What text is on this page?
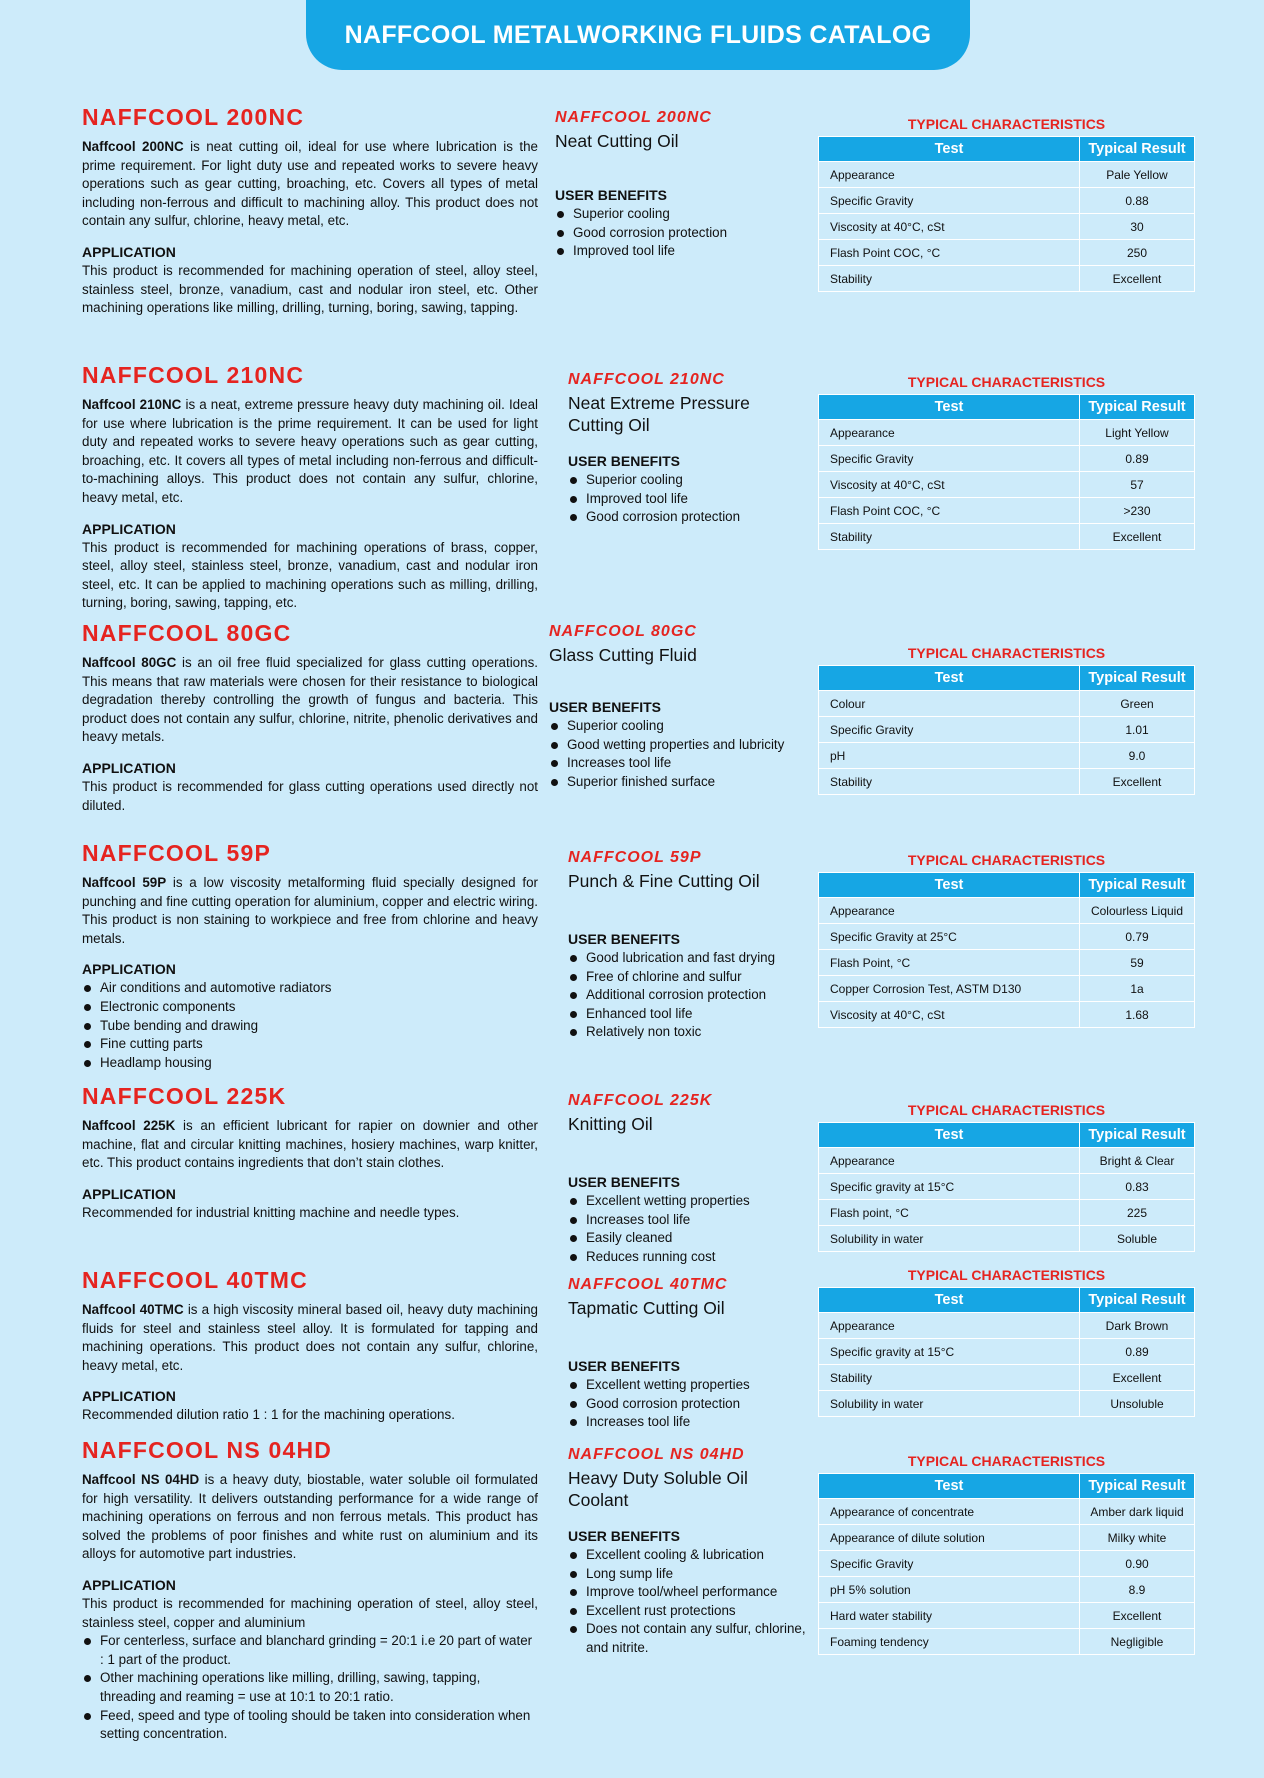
NAFFCOOL METALWORKING FLUIDS CATALOG
NAFFCOOL 200NC

Naffcool 200NC is neat cutting oil, ideal for use where lubrication is the prime requirement. For light duty use and repeated works to severe heavy operations such as gear cutting, broaching, etc. Covers all types of metal including non-ferrous and difficult to machining alloy. This product does not contain any sulfur, chlorine, heavy metal, etc.

APPLICATION

This product is recommended for machining operation of steel, alloy steel, stainless steel, bronze, vanadium, cast and nodular iron steel, etc. Other machining operations like milling, drilling, turning, boring, sawing, tapping.

NAFFCOOL 200NC

Neat Cutting Oil

USER BENEFITS
Superior cooling
Good corrosion protection
Improved tool life
TYPICAL CHARACTERISTICS
Test	Typical Result
Appearance	Pale Yellow
Specific Gravity	0.88
Viscosity at 40°C, cSt	30
Flash Point COC, °C	250
Stability	Excellent
NAFFCOOL 210NC

Naffcool 210NC is a neat, extreme pressure heavy duty machining oil. Ideal for use where lubrication is the prime requirement. It can be used for light duty and repeated works to severe heavy operations such as gear cutting, broaching, etc. It covers all types of metal including non-ferrous and difficult-to-machining alloys. This product does not contain any sulfur, chlorine, heavy metal, etc.

APPLICATION

This product is recommended for machining operations of brass, copper, steel, alloy steel, stainless steel, bronze, vanadium, cast and nodular iron steel, etc. It can be applied to machining operations such as milling, drilling, turning, boring, sawing, tapping, etc.

NAFFCOOL 210NC

Neat Extreme Pressure Cutting Oil

USER BENEFITS
Superior cooling
Improved tool life
Good corrosion protection
TYPICAL CHARACTERISTICS
Test	Typical Result
Appearance	Light Yellow
Specific Gravity	0.89
Viscosity at 40°C, cSt	57
Flash Point COC, °C	>230
Stability	Excellent
NAFFCOOL 80GC

Naffcool 80GC is an oil free fluid specialized for glass cutting operations. This means that raw materials were chosen for their resistance to biological degradation thereby controlling the growth of fungus and bacteria. This product does not contain any sulfur, chlorine, nitrite, phenolic derivatives and heavy metals.

APPLICATION

This product is recommended for glass cutting operations used directly not diluted.

NAFFCOOL 80GC

Glass Cutting Fluid

USER BENEFITS
Superior cooling
Good wetting properties and lubricity
Increases tool life
Superior finished surface
TYPICAL CHARACTERISTICS
Test	Typical Result
Colour	Green
Specific Gravity	1.01
pH	9.0
Stability	Excellent
NAFFCOOL 59P

Naffcool 59P is a low viscosity metalforming fluid specially designed for punching and fine cutting operation for aluminium, copper and electric wiring. This product is non staining to workpiece and free from chlorine and heavy metals.

APPLICATION
Air conditions and automotive radiators
Electronic components
Tube bending and drawing
Fine cutting parts
Headlamp housing

NAFFCOOL 59P

Punch & Fine Cutting Oil

USER BENEFITS
Good lubrication and fast drying
Free of chlorine and sulfur
Additional corrosion protection
Enhanced tool life
Relatively non toxic
TYPICAL CHARACTERISTICS
Test	Typical Result
Appearance	Colourless Liquid
Specific Gravity at 25°C	0.79
Flash Point, °C	59
Copper Corrosion Test, ASTM D130	1a
Viscosity at 40°C, cSt	1.68
NAFFCOOL 225K

Naffcool 225K is an efficient lubricant for rapier on downier and other machine, flat and circular knitting machines, hosiery machines, warp knitter, etc. This product contains ingredients that don’t stain clothes.

APPLICATION

Recommended for industrial knitting machine and needle types.

NAFFCOOL 225K

Knitting Oil

USER BENEFITS
Excellent wetting properties
Increases tool life
Easily cleaned
Reduces running cost
TYPICAL CHARACTERISTICS
Test	Typical Result
Appearance	Bright & Clear
Specific gravity at 15°C	0.83
Flash point, °C	225
Solubility in water	Soluble
NAFFCOOL 40TMC

Naffcool 40TMC is a high viscosity mineral based oil, heavy duty machining fluids for steel and stainless steel alloy. It is formulated for tapping and machining operations. This product does not contain any sulfur, chlorine, heavy metal, etc.

APPLICATION

Recommended dilution ratio 1 : 1 for the machining operations.

NAFFCOOL 40TMC

Tapmatic Cutting Oil

USER BENEFITS
Excellent wetting properties
Good corrosion protection
Increases tool life
TYPICAL CHARACTERISTICS
Test	Typical Result
Appearance	Dark Brown
Specific gravity at 15°C	0.89
Stability	Excellent
Solubility in water	Unsoluble
NAFFCOOL NS 04HD

Naffcool NS 04HD is a heavy duty, biostable, water soluble oil formulated for high versatility. It delivers outstanding performance for a wide range of machining operations on ferrous and non ferrous metals. This product has solved the problems of poor finishes and white rust on aluminium and its alloys for automotive part industries.

APPLICATION

This product is recommended for machining operation of steel, alloy steel, stainless steel, copper and aluminium

For centerless, surface and blanchard grinding = 20:1 i.e 20 part of water : 1 part of the product.
Other machining operations like milling, drilling, sawing, tapping, threading and reaming = use at 10:1 to 20:1 ratio.
Feed, speed and type of tooling should be taken into consideration when setting concentration.

NAFFCOOL NS 04HD

Heavy Duty Soluble Oil Coolant

USER BENEFITS
Excellent cooling & lubrication
Long sump life
Improve tool/wheel performance
Excellent rust protections
Does not contain any sulfur, chlorine, and nitrite.
TYPICAL CHARACTERISTICS
Test	Typical Result
Appearance of concentrate	Amber dark liquid
Appearance of dilute solution	Milky white
Specific Gravity	0.90
pH 5% solution	8.9
Hard water stability	Excellent
Foaming tendency	Negligible
